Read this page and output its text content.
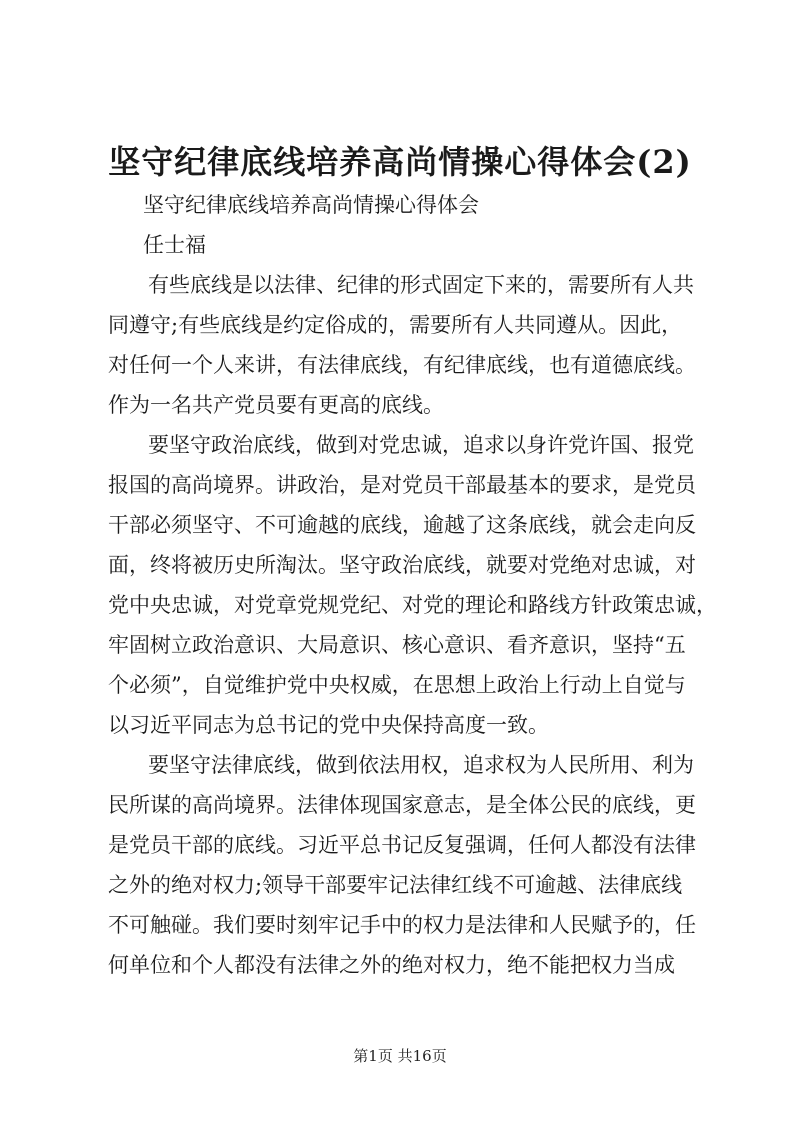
坚守纪律底线培养高尚情操心得体会(2)
坚守纪律底线培养高尚情操心得体会
任士福
有些底线是以法律、纪律的形式固定下来的，需要所有人共
同遵守;有些底线是约定俗成的，需要所有人共同遵从。因此，
对任何一个人来讲，有法律底线，有纪律底线，也有道德底线。
作为一名共产党员要有更高的底线。
要坚守政治底线，做到对党忠诚，追求以身许党许国、报党
报国的高尚境界。讲政治，是对党员干部最基本的要求，是党员
干部必须坚守、不可逾越的底线，逾越了这条底线，就会走向反
面，终将被历史所淘汰。坚守政治底线，就要对党绝对忠诚，对
党中央忠诚，对党章党规党纪、对党的理论和路线方针政策忠诚，
牢固树立政治意识、大局意识、核心意识、看齐意识，坚持“五
个必须”，自觉维护党中央权威，在思想上政治上行动上自觉与
以习近平同志为总书记的党中央保持高度一致。
要坚守法律底线，做到依法用权，追求权为人民所用、利为
民所谋的高尚境界。法律体现国家意志，是全体公民的底线，更
是党员干部的底线。习近平总书记反复强调，任何人都没有法律
之外的绝对权力;领导干部要牢记法律红线不可逾越、法律底线
不可触碰。我们要时刻牢记手中的权力是法律和人民赋予的，任
何单位和个人都没有法律之外的绝对权力，绝不能把权力当成
第1页 共16页
